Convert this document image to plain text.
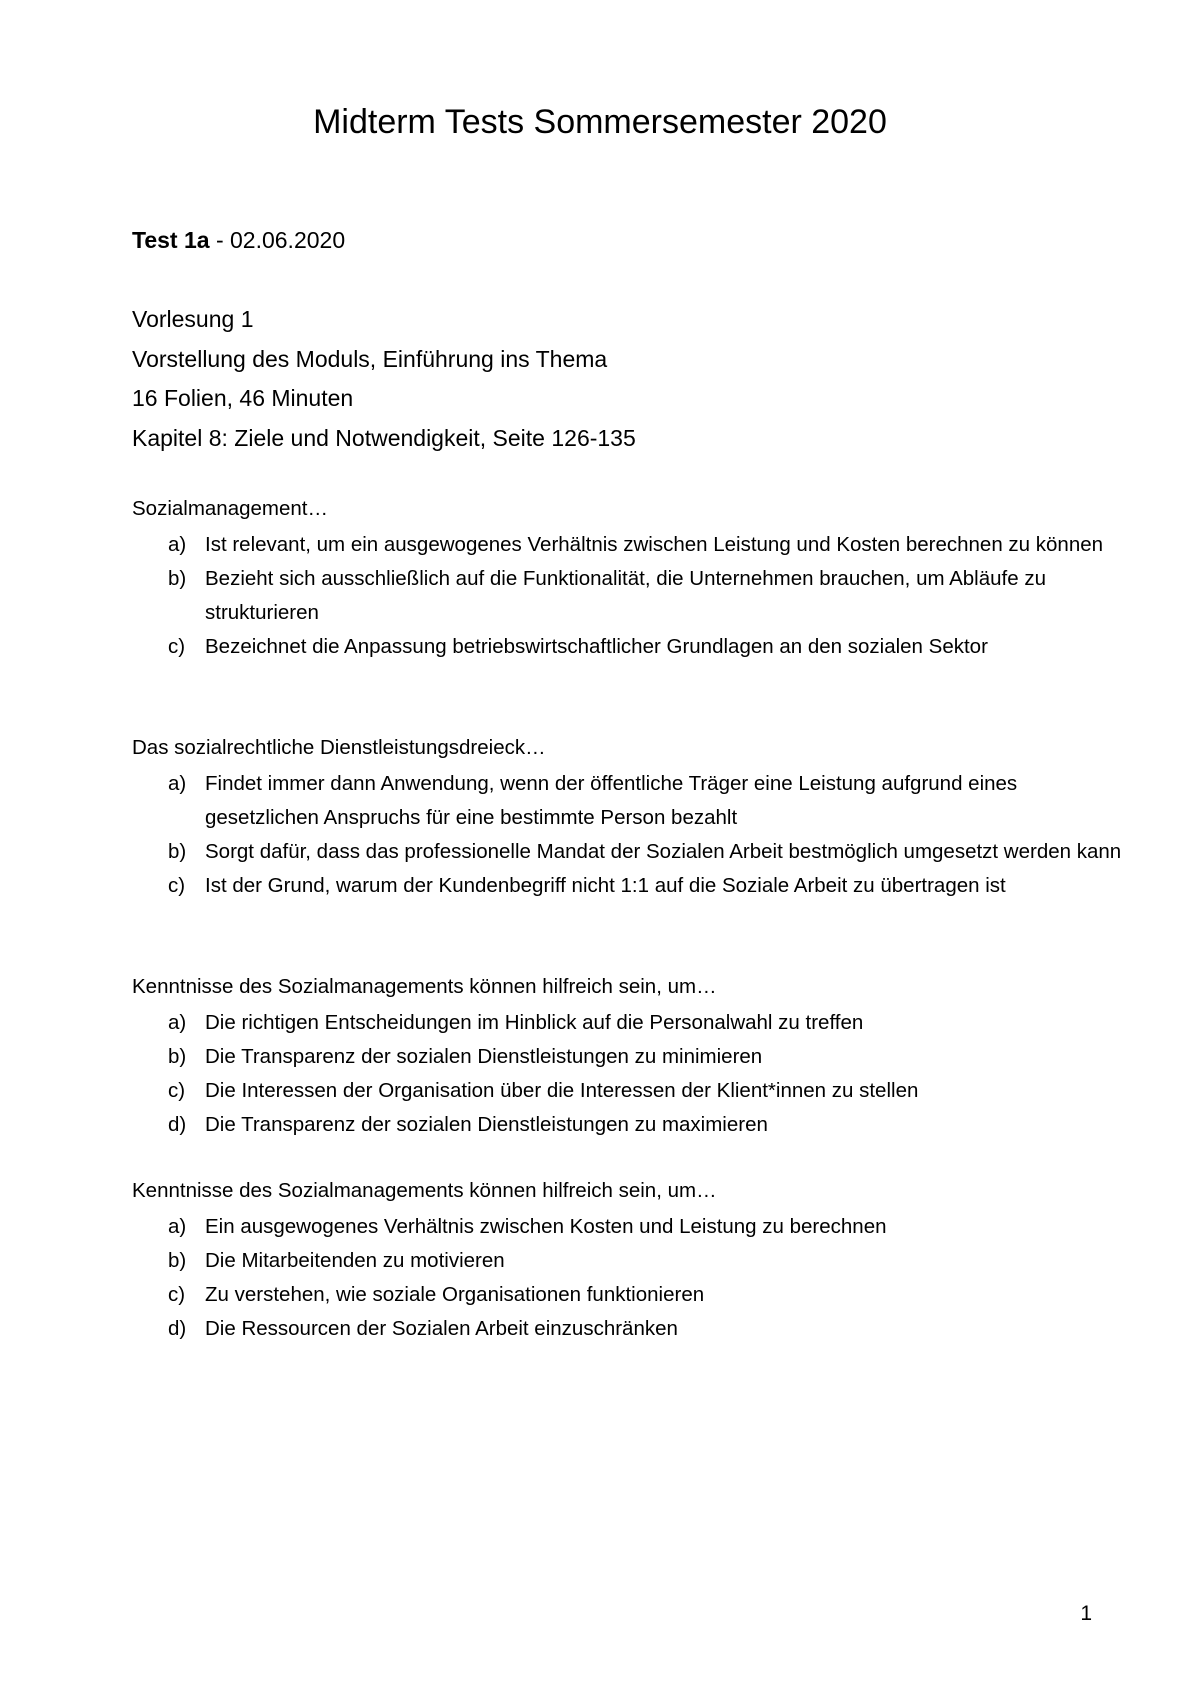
Midterm Tests Sommersemester 2020

Test 1a - 02.06.2020

Vorlesung 1
Vorstellung des Moduls, Einführung ins Thema
16 Folien, 46 Minuten
Kapitel 8: Ziele und Notwendigkeit, Seite 126-135
Sozialmanagement…
a) Ist relevant, um ein ausgewogenes Verhältnis zwischen Leistung und Kosten berechnen zu können
b) Bezieht sich ausschließlich auf die Funktionalität, die Unternehmen brauchen, um Abläufe zu strukturieren
c) Bezeichnet die Anpassung betriebswirtschaftlicher Grundlagen an den sozialen Sektor
Das sozialrechtliche Dienstleistungsdreieck…
a) Findet immer dann Anwendung, wenn der öffentliche Träger eine Leistung aufgrund eines gesetzlichen Anspruchs für eine bestimmte Person bezahlt
b) Sorgt dafür, dass das professionelle Mandat der Sozialen Arbeit bestmöglich umgesetzt werden kann
c) Ist der Grund, warum der Kundenbegriff nicht 1:1 auf die Soziale Arbeit zu übertragen ist
Kenntnisse des Sozialmanagements können hilfreich sein, um…
a) Die richtigen Entscheidungen im Hinblick auf die Personalwahl zu treffen
b) Die Transparenz der sozialen Dienstleistungen zu minimieren
c) Die Interessen der Organisation über die Interessen der Klient*innen zu stellen
d) Die Transparenz der sozialen Dienstleistungen zu maximieren
Kenntnisse des Sozialmanagements können hilfreich sein, um…
a) Ein ausgewogenes Verhältnis zwischen Kosten und Leistung zu berechnen
b) Die Mitarbeitenden zu motivieren
c) Zu verstehen, wie soziale Organisationen funktionieren
d) Die Ressourcen der Sozialen Arbeit einzuschränken

1
